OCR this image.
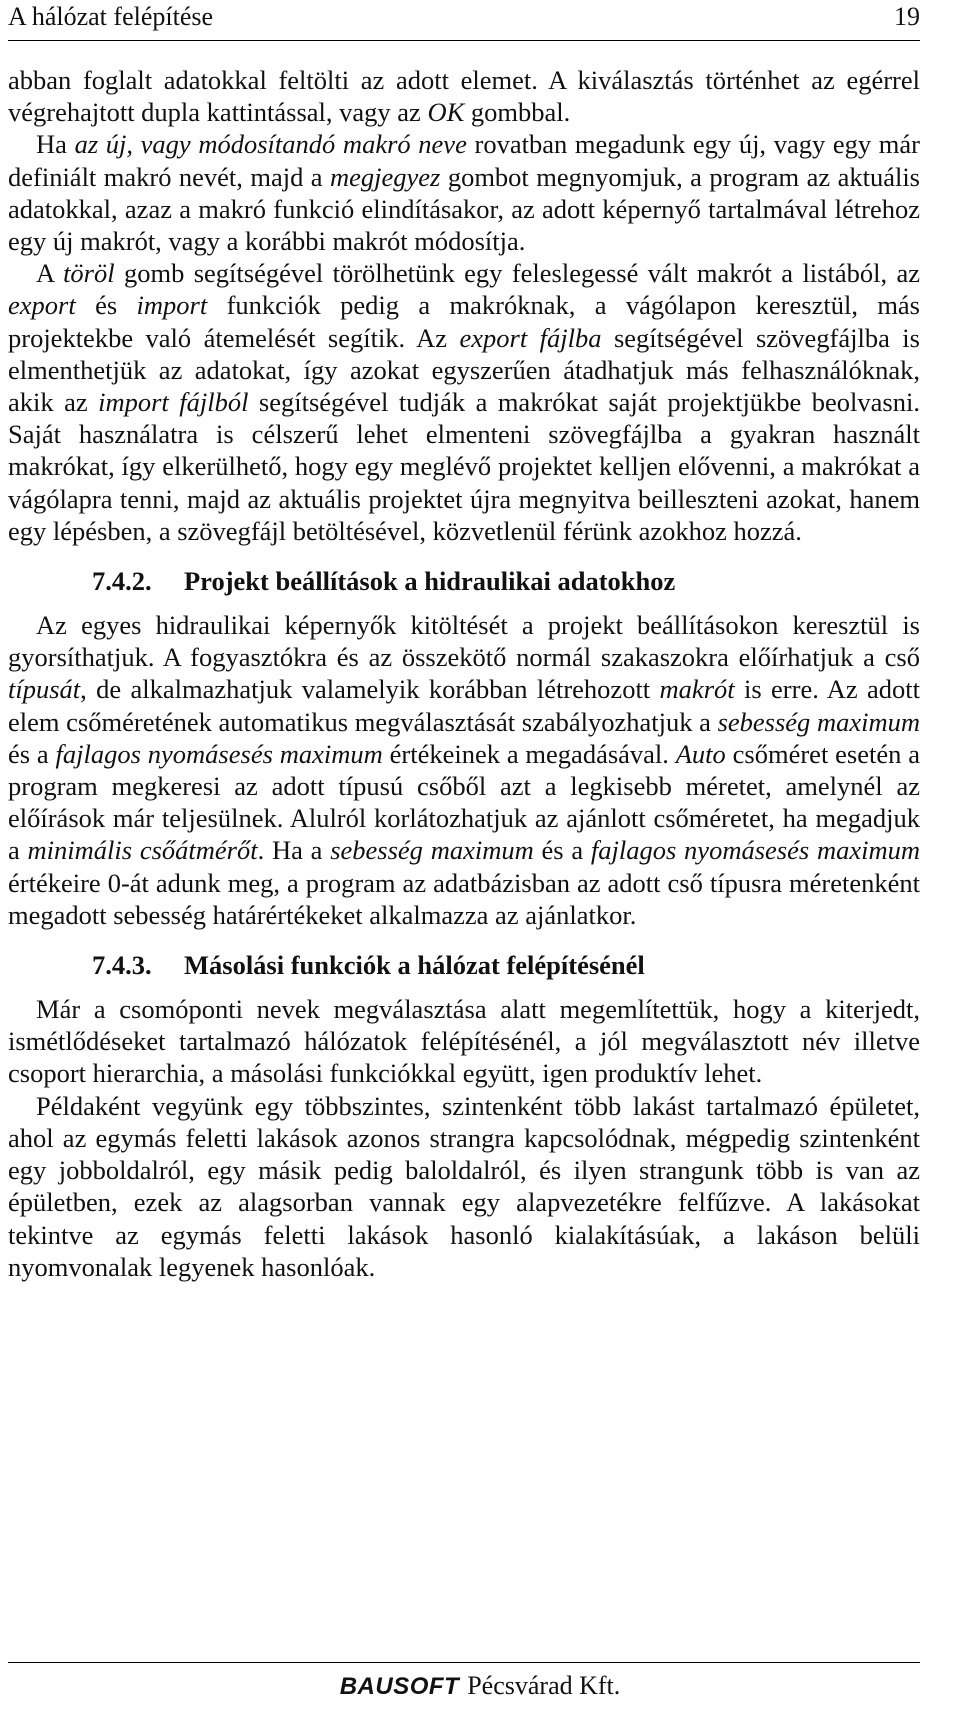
A hálózat felépítése	19

abban foglalt adatokkal feltölti az adott elemet. A kiválasztás történhet az egérrel végrehajtott dupla kattintással, vagy az OK gombbal.

Ha az új, vagy módosítandó makró neve rovatban megadunk egy új, vagy egy már definiált makró nevét, majd a megjegyez gombot megnyomjuk, a program az aktuális adatokkal, azaz a makró funkció elindításakor, az adott képernyő tartalmával létrehoz egy új makrót, vagy a korábbi makrót módosítja.

A töröl gomb segítségével törölhetünk egy feleslegessé vált makrót a listából, az export és import funkciók pedig a makróknak, a vágólapon keresztül, más projektekbe való átemelését segítik. Az export fájlba segítségével szövegfájlba is elmenthetjük az adatokat, így azokat egyszerűen átadhatjuk más felhasználóknak, akik az import fájlból segítségével tudják a makrókat saját projektjükbe beolvasni. Saját használatra is célszerű lehet elmenteni szövegfájlba a gyakran használt makrókat, így elkerülhető, hogy egy meglévő projektet kelljen elővenni, a makrókat a vágólapra tenni, majd az aktuális projektet újra megnyitva beilleszteni azokat, hanem egy lépésben, a szövegfájl betöltésével, közvetlenül férünk azokhoz hozzá.

7.4.2.	Projekt beállítások a hidraulikai adatokhoz

Az egyes hidraulikai képernyők kitöltését a projekt beállításokon keresztül is gyorsíthatjuk. A fogyasztókra és az összekötő normál szakaszokra előírhatjuk a cső típusát, de alkalmazhatjuk valamelyik korábban létrehozott makrót is erre. Az adott elem csőméretének automatikus megválasztását szabályozhatjuk a sebesség maximum és a fajlagos nyomásesés maximum értékeinek a megadásával. Auto csőméret esetén a program megkeresi az adott típusú csőből azt a legkisebb méretet, amelynél az előírások már teljesülnek. Alulról korlátozhatjuk az ajánlott csőméretet, ha megadjuk a minimális csőátmérőt. Ha a sebesség maximum és a fajlagos nyomásesés maximum értékeire 0-át adunk meg, a program az adatbázisban az adott cső típusra méretenként megadott sebesség határértékeket alkalmazza az ajánlatkor.

7.4.3.	Másolási funkciók a hálózat felépítésénél

Már a csomóponti nevek megválasztása alatt megemlítettük, hogy a kiterjedt, ismétlődéseket tartalmazó hálózatok felépítésénél, a jól megválasztott név illetve csoport hierarchia, a másolási funkciókkal együtt, igen produktív lehet.

Példaként vegyünk egy többszintes, szintenként több lakást tartalmazó épületet, ahol az egymás feletti lakások azonos strangra kapcsolódnak, mégpedig szintenként egy jobboldalról, egy másik pedig baloldalról, és ilyen strangunk több is van az épületben, ezek az alagsorban vannak egy alapvezetékre felfűzve. A lakásokat tekintve az egymás feletti lakások hasonló kialakításúak, a lakáson belüli nyomvonalak legyenek hasonlóak.

BAUSOFT Pécsvárad Kft.
